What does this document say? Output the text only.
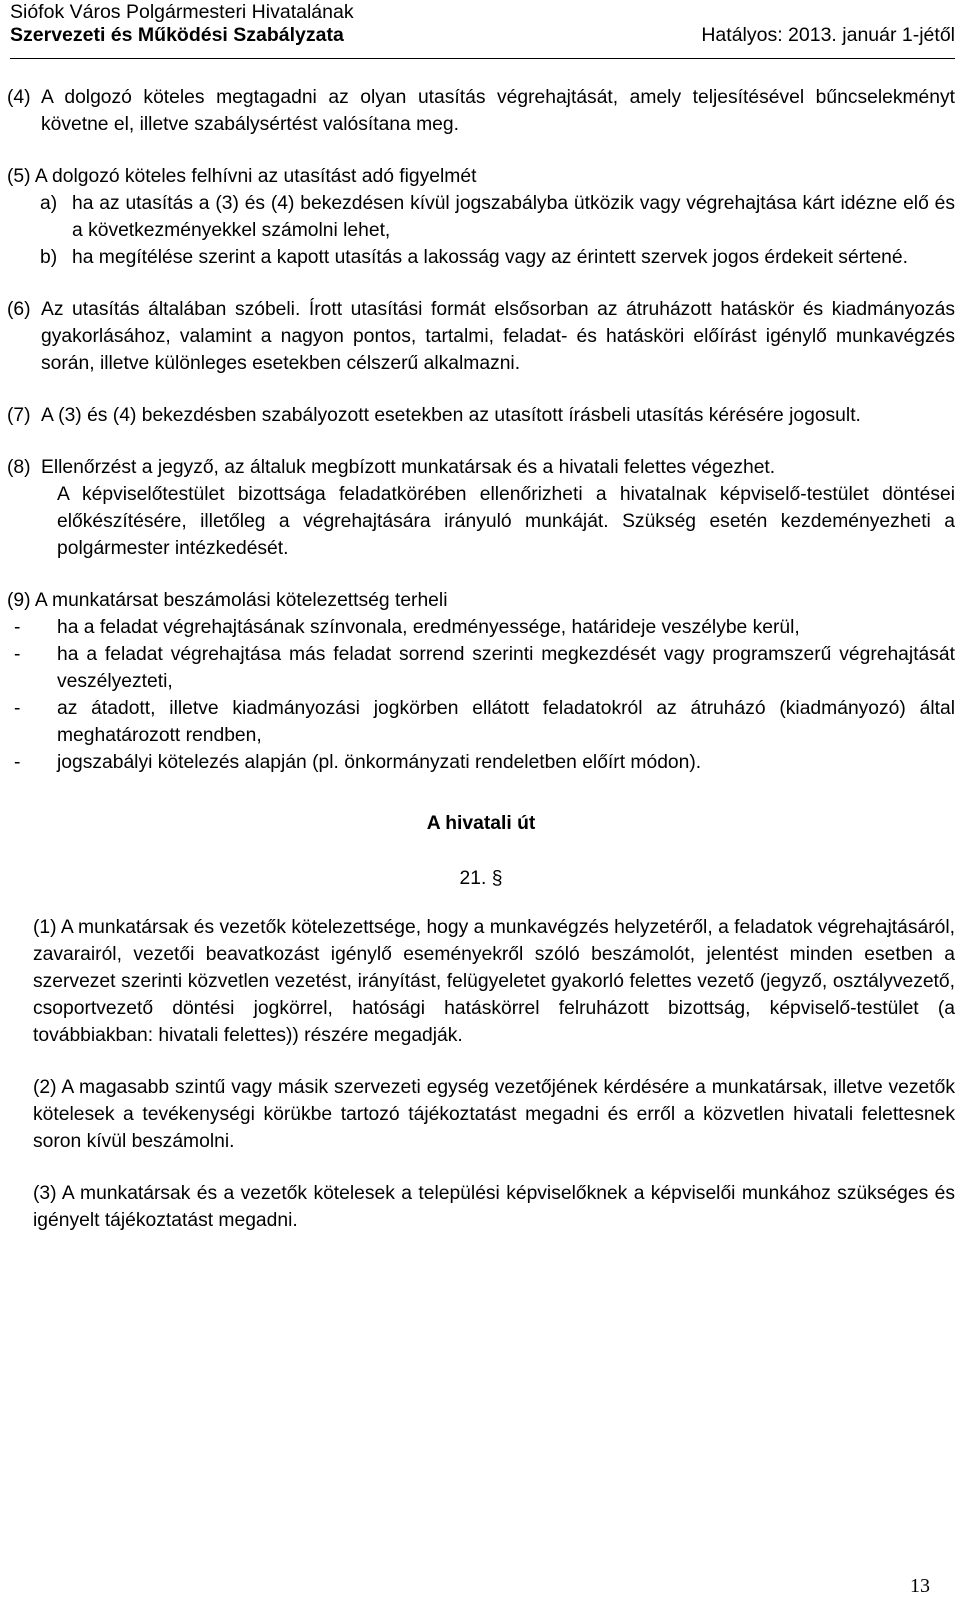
Siófok Város Polgármesteri Hivatalának
Szervezeti és Működési Szabályzata	Hatályos: 2013. január 1-jétől
(4) A dolgozó köteles megtagadni az olyan utasítás végrehajtását, amely teljesítésével bűncselekményt követne el, illetve szabálysértést valósítana meg.
(5) A dolgozó köteles felhívni az utasítást adó figyelmét
a) ha az utasítás a (3) és (4) bekezdésen kívül jogszabályba ütközik vagy végrehajtása kárt idézne elő és a következményekkel számolni lehet,
b) ha megítélése szerint a kapott utasítás a lakosság vagy az érintett szervek jogos érdekeit sértené.
(6) Az utasítás általában szóbeli. Írott utasítási formát elsősorban az átruházott hatáskör és kiadmányozás gyakorlásához, valamint a nagyon pontos, tartalmi, feladat- és hatásköri előírást igénylő munkavégzés során, illetve különleges esetekben célszerű alkalmazni.
(7) A (3) és (4) bekezdésben szabályozott esetekben az utasított írásbeli utasítás kérésére jogosult.
(8) Ellenőrzést a jegyző, az általuk megbízott munkatársak és a hivatali felettes végezhet.
A képviselőtestület bizottsága feladatkörében ellenőrizheti a hivatalnak képviselő-testület döntései előkészítésére, illetőleg a végrehajtására irányuló munkáját. Szükség esetén kezdeményezheti a polgármester intézkedését.
(9) A munkatársat beszámolási kötelezettség terheli
-	ha a feladat végrehajtásának színvonala, eredményessége, határideje veszélybe kerül,
-	ha a feladat végrehajtása más feladat sorrend szerinti megkezdését vagy programszerű végrehajtását veszélyezteti,
-	az átadott, illetve kiadmányozási jogkörben ellátott feladatokról az átruházó (kiadmányozó) által meghatározott rendben,
-	jogszabályi kötelezés alapján (pl. önkormányzati rendeletben előírt módon).
A hivatali út
21. §
(1) A munkatársak és vezetők kötelezettsége, hogy a munkavégzés helyzetéről, a feladatok végrehajtásáról, zavarairól, vezetői beavatkozást igénylő eseményekről szóló beszámolót, jelentést minden esetben a szervezet szerinti közvetlen vezetést, irányítást, felügyeletet gyakorló felettes vezető (jegyző, osztályvezető, csoportvezető döntési jogkörrel, hatósági hatáskörrel felruházott bizottság, képviselő-testület (a továbbiakban: hivatali felettes)) részére megadják.
(2) A magasabb szintű vagy másik szervezeti egység vezetőjének kérdésére a munkatársak, illetve vezetők kötelesek a tevékenységi körükbe tartozó tájékoztatást megadni és erről a közvetlen hivatali felettesnek soron kívül beszámolni.
(3) A munkatársak és a vezetők kötelesek a települési képviselőknek a képviselői munkához szükséges és igényelt tájékoztatást megadni.
13
